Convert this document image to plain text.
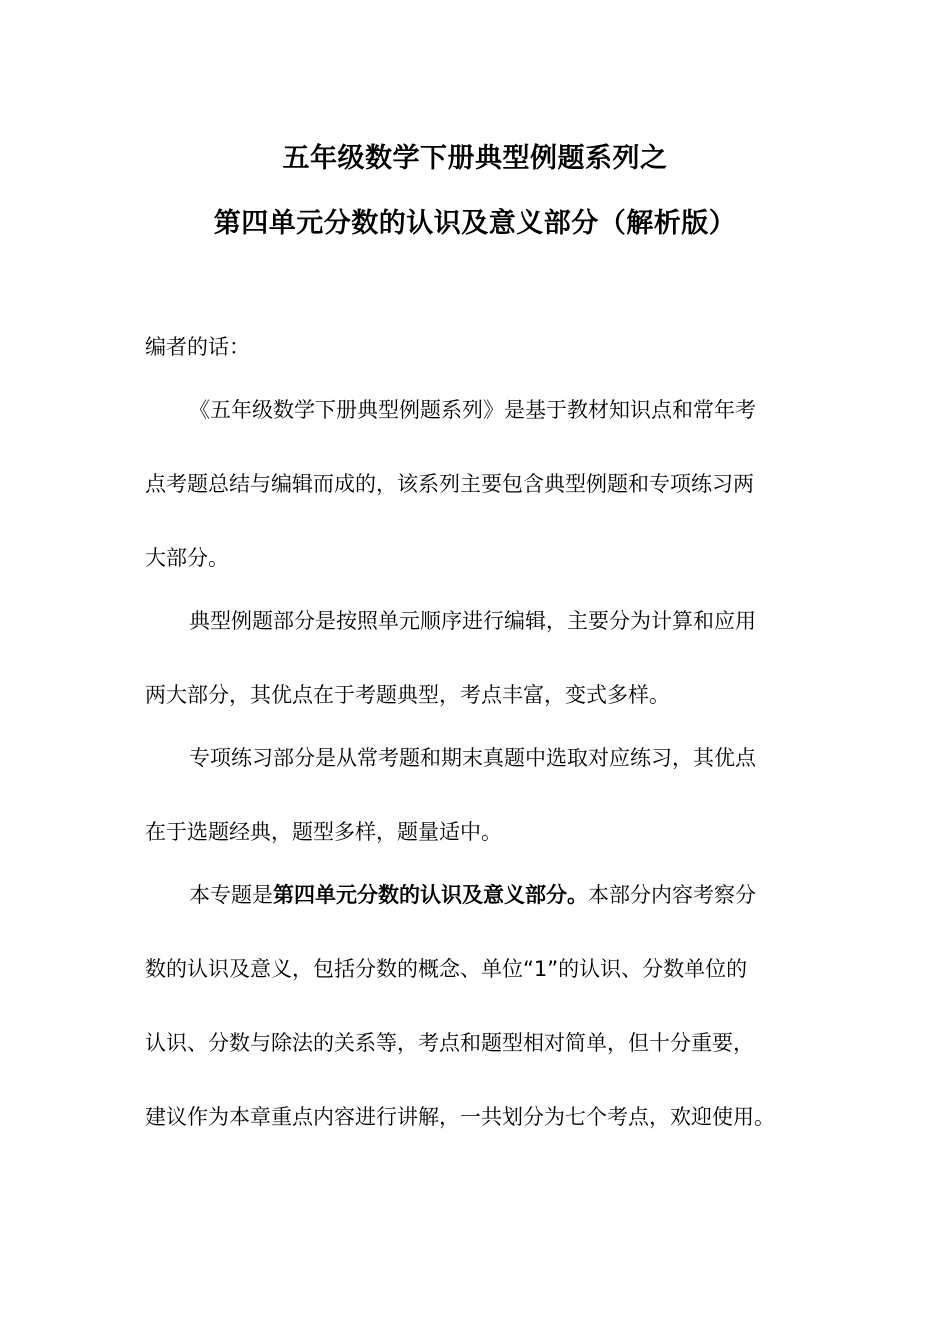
五年级数学下册典型例题系列之
第四单元分数的认识及意义部分（解析版）
编者的话：
《五年级数学下册典型例题系列》是基于教材知识点和常年考
点考题总结与编辑而成的，该系列主要包含典型例题和专项练习两
大部分。
典型例题部分是按照单元顺序进行编辑，主要分为计算和应用
两大部分，其优点在于考题典型，考点丰富，变式多样。
专项练习部分是从常考题和期末真题中选取对应练习，其优点
在于选题经典，题型多样，题量适中。
本专题是第四单元分数的认识及意义部分。本部分内容考察分
数的认识及意义，包括分数的概念、单位“1”的认识、分数单位的
认识、分数与除法的关系等，考点和题型相对简单，但十分重要，
建议作为本章重点内容进行讲解，一共划分为七个考点，欢迎使用。
